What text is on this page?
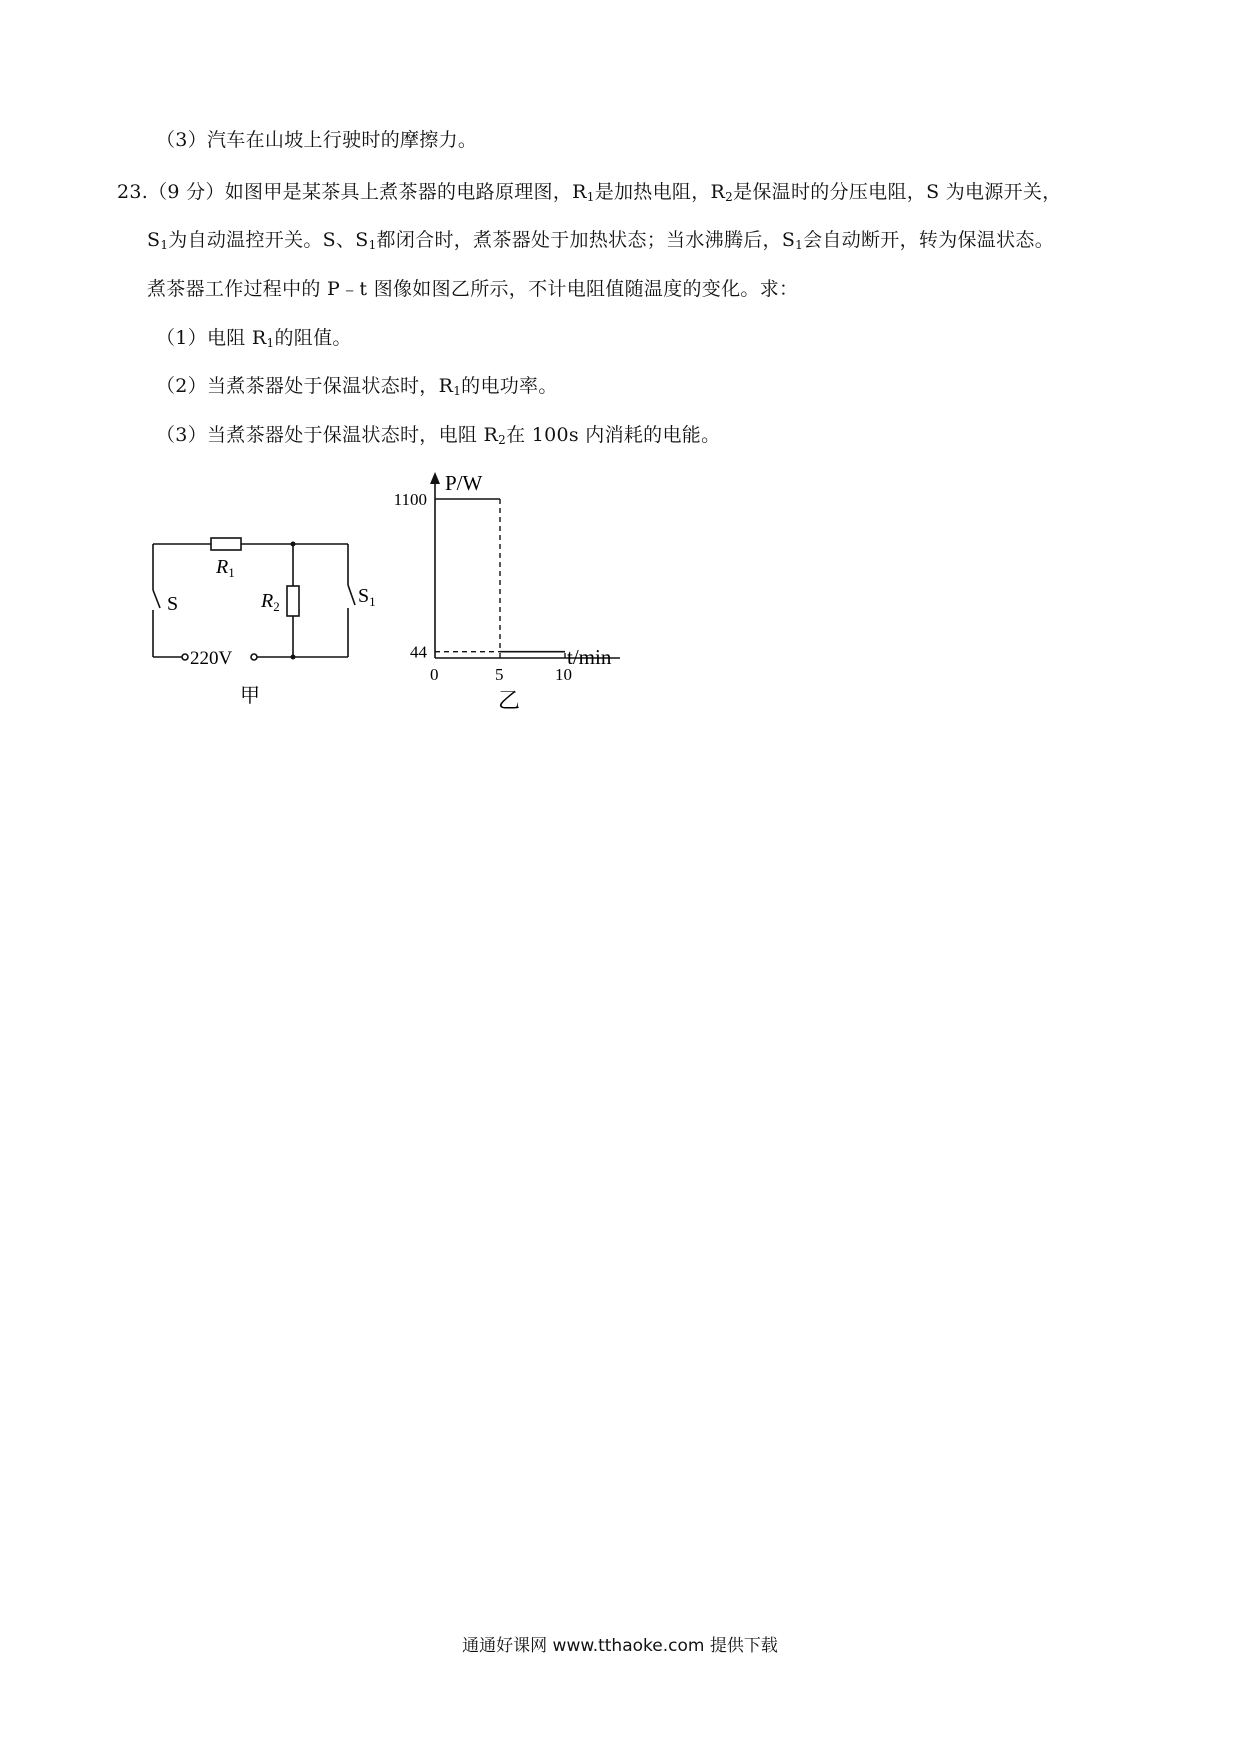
（3）汽车在山坡上行驶时的摩擦力。
23.（9 分）如图甲是某茶具上煮茶器的电路原理图，$R_1$是加热电阻，$R_2$是保温时的分压电阻，S 为电源开关，
$S_1$为自动温控开关。S、$S_1$都闭合时，煮茶器处于加热状态；当水沸腾后，$S_1$会自动断开，转为保温状态。
煮茶器工作过程中的 P﹣t 图像如图乙所示，不计电阻值随温度的变化。求：
（1）电阻 $R_1$的阻值。
（2）当煮茶器处于保温状态时，$R_1$的电功率。
（3）当煮茶器处于保温状态时，电阻 $R_2$在 100s 内消耗的电能。
$R_1$
$R_2$
S	$S_1$
220V
甲
0	5	10
44
1100
P/W
t/min
乙
通通好课网 www.tthaoke.com 提供下载
